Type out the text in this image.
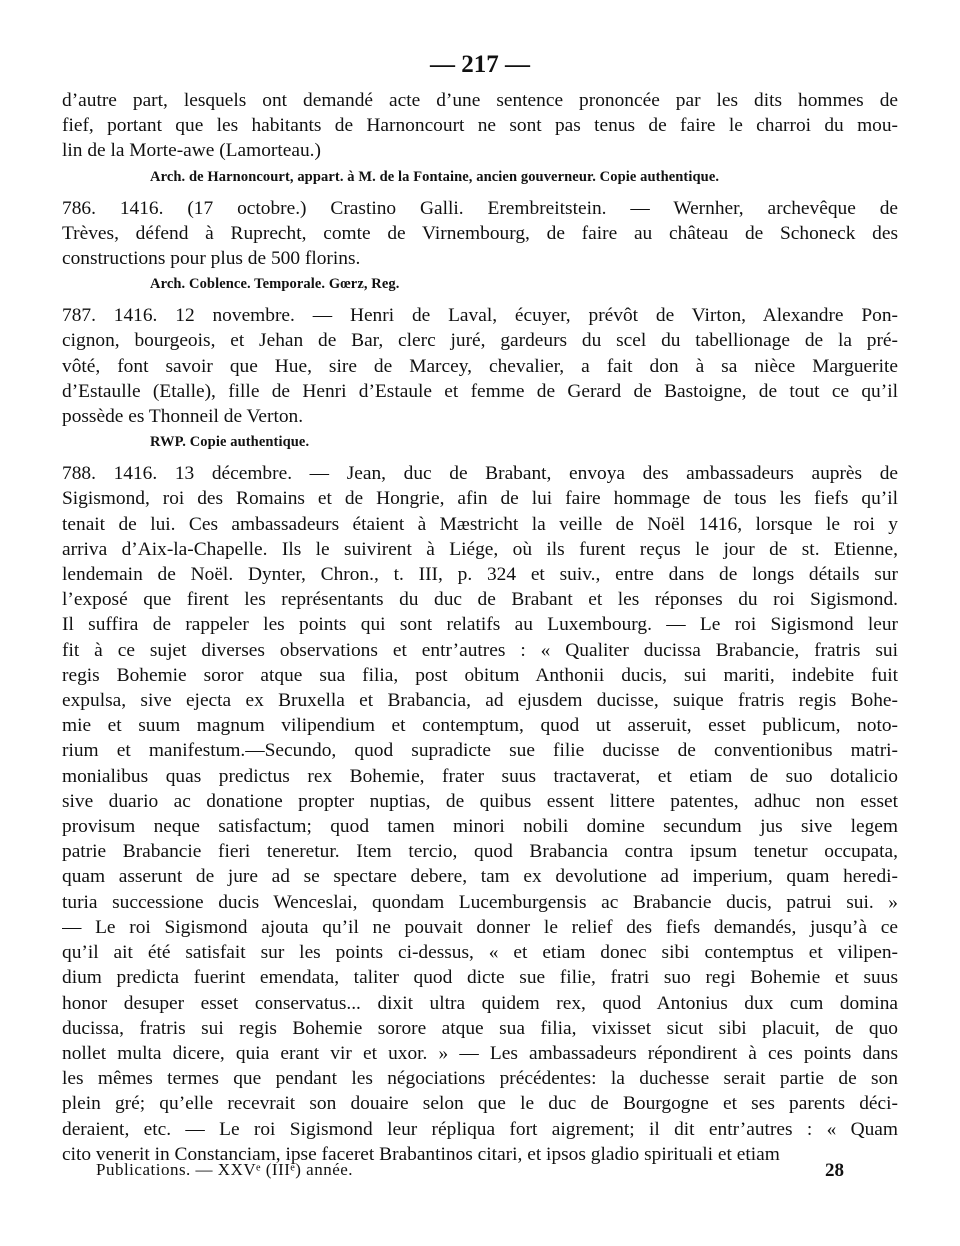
— 217 —
d’autre part, lesquels ont demandé acte d’une sentence prononcée par les dits hommes de
fief, portant que les habitants de Harnoncourt ne sont pas tenus de faire le charroi du mou-
lin de la Morte-awe (Lamorteau.)
Arch. de Harnoncourt, appart. à M. de la Fontaine, ancien gouverneur. Copie authentique.
786. 1416. (17 octobre.) Crastino Galli. Erembreitstein. — Wernher, archevêque de
Trèves, défend à Ruprecht, comte de Virnembourg, de faire au château de Schoneck des
constructions pour plus de 500 florins.
Arch. Coblence. Temporale. Gœrz, Reg.
787. 1416. 12 novembre. — Henri de Laval, écuyer, prévôt de Virton, Alexandre Pon-
cignon, bourgeois, et Jehan de Bar, clerc juré, gardeurs du scel du tabellionage de la pré-
vôté, font savoir que Hue, sire de Marcey, chevalier, a fait don à sa nièce Marguerite
d’Estaulle (Etalle), fille de Henri d’Estaule et femme de Gerard de Bastoigne, de tout ce qu’il
possède es Thonneil de Verton.
RWP. Copie authentique.
788. 1416. 13 décembre. — Jean, duc de Brabant, envoya des ambassadeurs auprès de
Sigismond, roi des Romains et de Hongrie, afin de lui faire hommage de tous les fiefs qu’il
tenait de lui. Ces ambassadeurs étaient à Mæstricht la veille de Noël 1416, lorsque le roi y
arriva d’Aix-la-Chapelle. Ils le suivirent à Liége, où ils furent reçus le jour de st. Etienne,
lendemain de Noël. Dynter, Chron., t. III, p. 324 et suiv., entre dans de longs détails sur
l’exposé que firent les représentants du duc de Brabant et les réponses du roi Sigismond.
Il suffira de rappeler les points qui sont relatifs au Luxembourg. — Le roi Sigismond leur
fit à ce sujet diverses observations et entr’autres : « Qualiter ducissa Brabancie, fratris sui
regis Bohemie soror atque sua filia, post obitum Anthonii ducis, sui mariti, indebite fuit
expulsa, sive ejecta ex Bruxella et Brabancia, ad ejusdem ducisse, suique fratris regis Bohe-
mie et suum magnum vilipendium et contemptum, quod ut asseruit, esset publicum, noto-
rium et manifestum.—Secundo, quod supradicte sue filie ducisse de conventionibus matri-
monialibus quas predictus rex Bohemie, frater suus tractaverat, et etiam de suo dotalicio
sive duario ac donatione propter nuptias, de quibus essent littere patentes, adhuc non esset
provisum neque satisfactum; quod tamen minori nobili domine secundum jus sive legem
patrie Brabancie fieri teneretur. Item tercio, quod Brabancia contra ipsum tenetur occupata,
quam asserunt de jure ad se spectare debere, tam ex devolutione ad imperium, quam heredi-
turia successione ducis Wenceslai, quondam Lucemburgensis ac Brabancie ducis, patrui sui. »
— Le roi Sigismond ajouta qu’il ne pouvait donner le relief des fiefs demandés, jusqu’à ce
qu’il ait été satisfait sur les points ci-dessus, « et etiam donec sibi contemptus et vilipen-
dium predicta fuerint emendata, taliter quod dicte sue filie, fratri suo regi Bohemie et suus
honor desuper esset conservatus... dixit ultra quidem rex, quod Antonius dux cum domina
ducissa, fratris sui regis Bohemie sorore atque sua filia, vixisset sicut sibi placuit, de quo
nollet multa dicere, quia erant vir et uxor. » — Les ambassadeurs répondirent à ces points dans
les mêmes termes que pendant les négociations précédentes: la duchesse serait partie de son
plein gré; qu’elle recevrait son douaire selon que le duc de Bourgogne et ses parents déci-
deraient, etc. — Le roi Sigismond leur répliqua fort aigrement; il dit entr’autres : « Quam
cito venerit in Constanciam, ipse faceret Brabantinos citari, et ipsos gladio spirituali et etiam
Publications. — XXVᵉ (IIIᵉ) année.	28
